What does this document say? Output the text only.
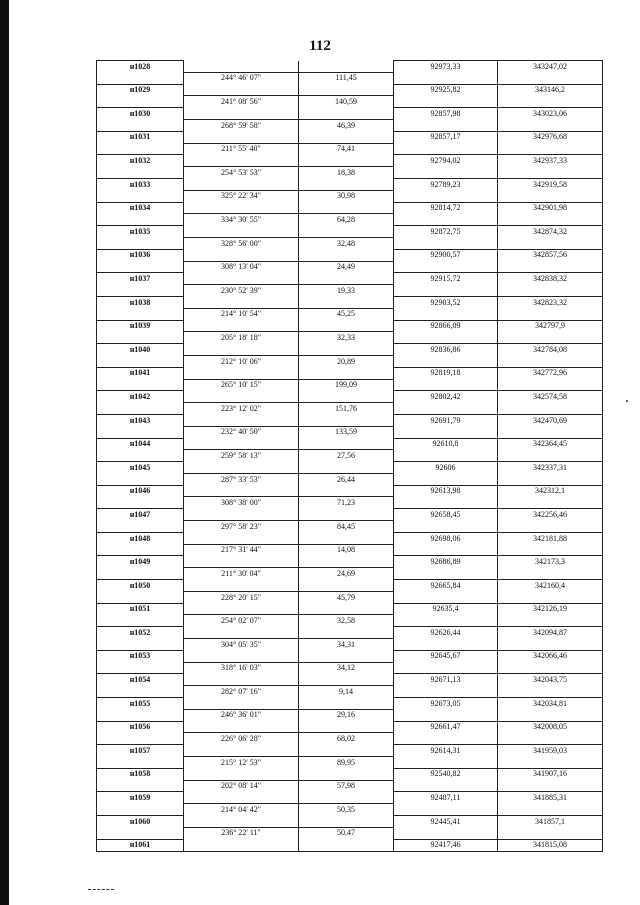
112
н1028			92973,33	343247,02
	244° 46' 07"	111,45		
н1029			92925,82	343146,2
	241° 08' 56"	140,59		
н1030			92857,98	343023,06
	268° 59' 58"	46,39		
н1031			92857,17	342976,68
	211° 55' 40"	74,41		
н1032			92794,02	342937,33
	254° 53' 53"	18,38		
н1033			92789,23	342919,58
	325° 22' 34"	30,98		
н1034			92814,72	342901,98
	334° 30' 55"	64,28		
н1035			92872,75	342874,32
	328° 56' 00"	32,48		
н1036			92900,57	342857,56
	308° 13' 04"	24,49		
н1037			92915,72	342838,32
	230° 52' 39"	19,33		
н1038			92903,52	342823,32
	214° 10' 54"	45,25		
н1039			92866,09	342797,9
	205° 18' 18"	32,33		
н1040			92836,86	342784,08
	212° 10' 06"	20,89		
н1041			92819,18	342772,96
	265° 10' 15"	199,09		
н1042			92802,42	342574,58
	223° 12' 02"	151,76		
н1043			92691,79	342470,69
	232° 40' 50"	133,59		
н1044			92610,8	342364,45
	259° 58' 13"	27,56		
н1045			92606	342337,31
	287° 33' 53"	26,44		
н1046			92613,98	342312,1
	308° 38' 00"	71,23		
н1047			92658,45	342256,46
	297° 58' 23"	84,45		
н1048			92698,06	342181,88
	217° 31' 44"	14,08		
н1049			92686,89	342173,3
	211° 30' 04"	24,69		
н1050			92665,84	342160,4
	228° 20' 15"	45,79		
н1051			92635,4	342126,19
	254° 02' 07"	32,58		
н1052			92626,44	342094,87
	304° 05' 35"	34,31		
н1053			92645,67	342066,46
	318° 16' 03"	34,12		
н1054			92671,13	342043,75
	282° 07' 16"	9,14		
н1055			92673,05	342034,81
	246° 36' 01"	29,16		
н1056			92661,47	342008,05
	226° 06' 28"	68,02		
н1057			92614,31	341959,03
	215° 12' 53"	89,95		
н1058			92540,82	341907,16
	202° 08' 14"	57,98		
н1059			92487,11	341885,31
	214° 04' 42"	50,35		
н1060			92445,41	341857,1
	236° 22' 11"	50,47		
н1061			92417,46	341815,08
